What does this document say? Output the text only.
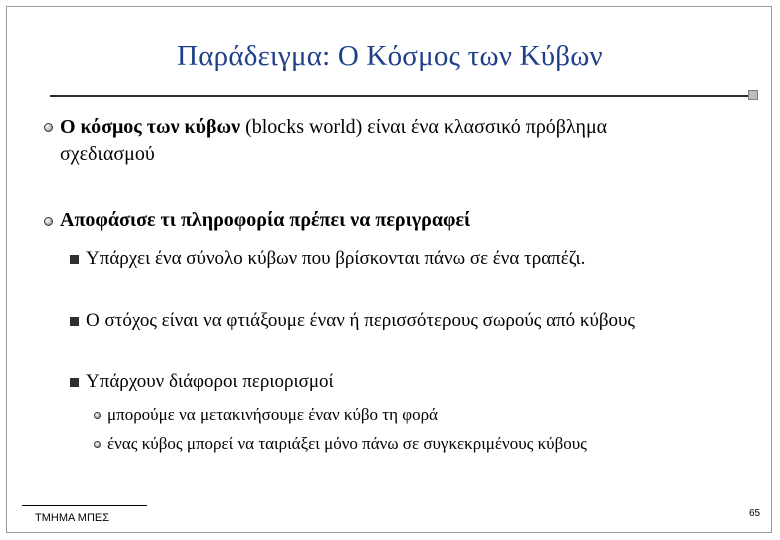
Παράδειγμα: Ο Κόσμος των Κύβων
Ο κόσμος των κύβων (blocks world) είναι ένα κλασσικό πρόβλημα
σχεδιασμού
Αποφάσισε τι πληροφορία πρέπει να περιγραφεί
Υπάρχει ένα σύνολο κύβων που βρίσκονται πάνω σε ένα τραπέζι.
Ο στόχος είναι να φτιάξουμε έναν ή περισσότερους σωρούς από κύβους
Υπάρχουν διάφοροι περιορισμοί
μπορούμε να μετακινήσουμε έναν κύβο τη φορά
ένας κύβος μπορεί να ταιριάξει μόνο πάνω σε συγκεκριμένους κύβους
ΤΜΗΜΑ ΜΠΕΣ	65
